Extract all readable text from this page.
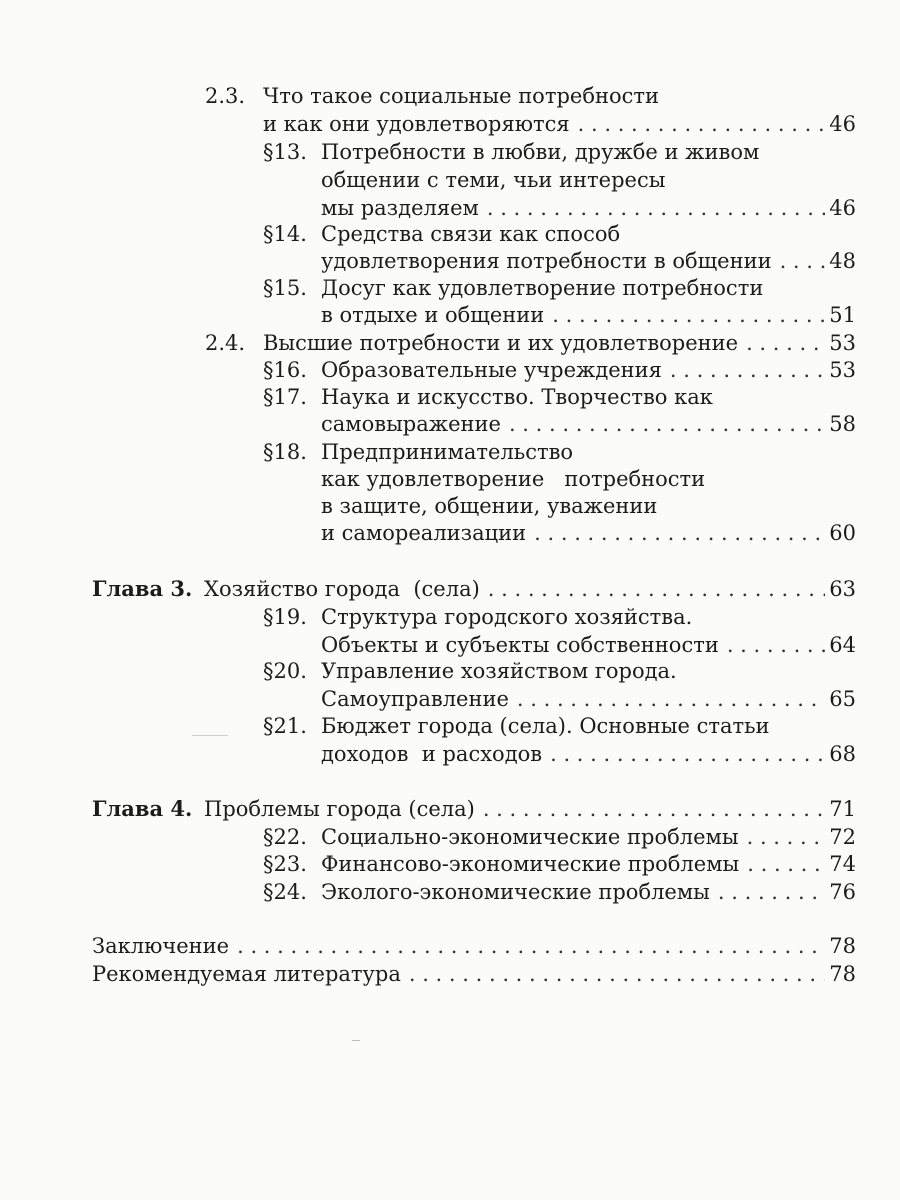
2.3. Что такое социальные потребности
и как они удовлетворяются . . .	46
§13. Потребности в любви, дружбе и живом
общении с теми, чьи интересы
мы разделяем . . .	46
§14. Средства связи как способ
удовлетворения потребности в общении . . .	48
§15. Досуг как удовлетворение потребности
в отдыхе и общении . . .	51
2.4. Высшие потребности и их удовлетворение . . .	53
§16. Образовательные учреждения . . .	53
§17. Наука и искусство. Творчество как
самовыражение . . .	58
§18. Предпринимательство
как удовлетворение   потребности
в защите, общении, уважении
и самореализации . . .	60
Глава 3. Хозяйство города  (села) . . .	63
§19. Структура городского хозяйства.
Объекты и субъекты собственности . . .	64
§20. Управление хозяйством города.
Самоуправление . . .	65
§21. Бюджет города (села). Основные статьи
доходов  и расходов . . .	68
Глава 4. Проблемы города (села) . . .	71
§22. Социально-экономические проблемы . . .	72
§23. Финансово-экономические проблемы . . .	74
§24. Эколого-экономические проблемы . . .	76
Заключение . . .	78
Рекомендуемая литература . . .	78
